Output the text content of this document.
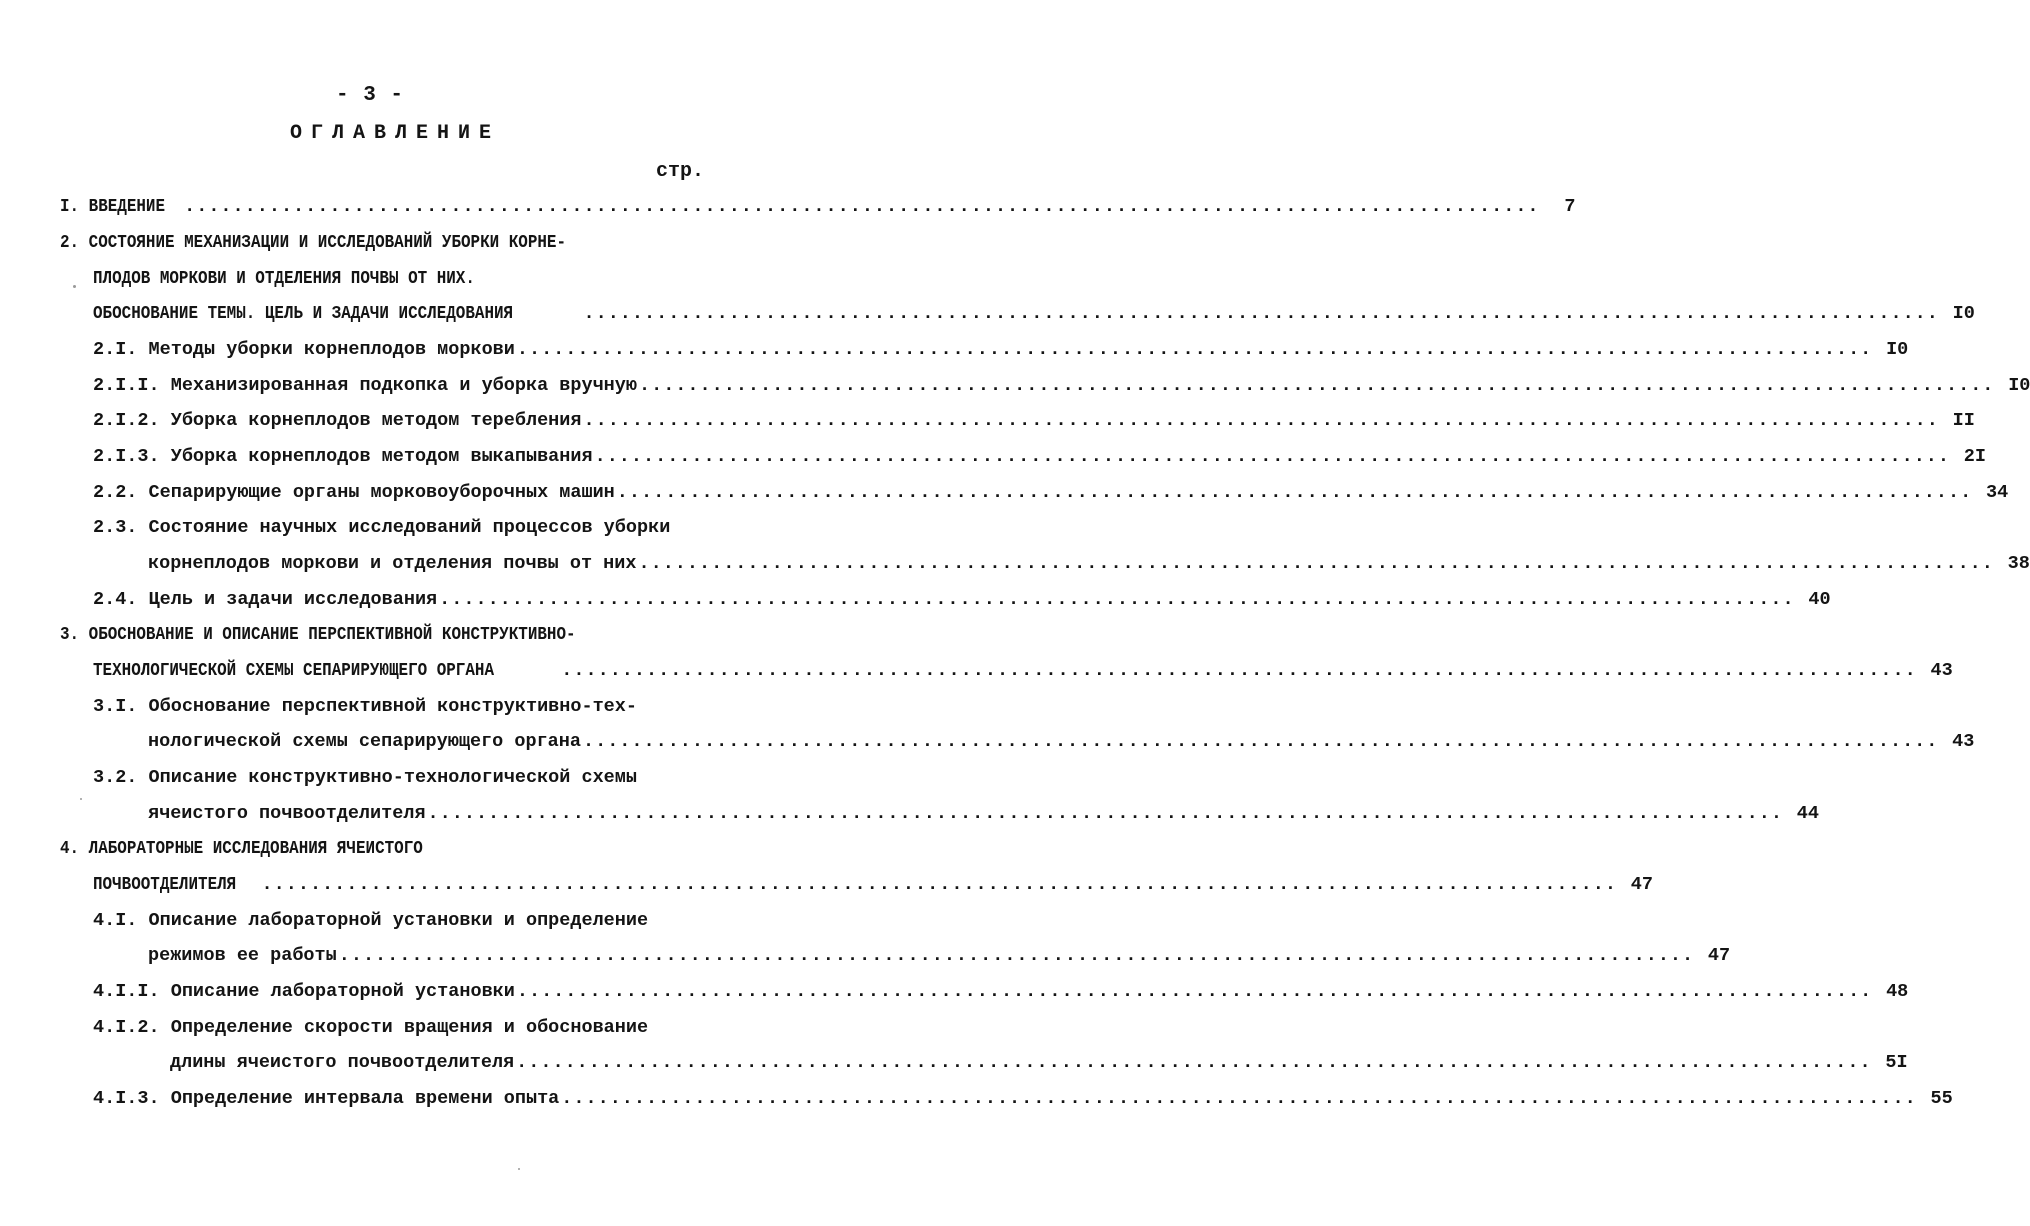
- 3 -
ОГЛАВЛЕНИЕ
стр.
I. ВВЕДЕНИЕ ................................................................................................................	7
2. СОСТОЯНИЕ МЕХАНИЗАЦИИ И ИССЛЕДОВАНИЙ УБОРКИ КОРНЕ-
ПЛОДОВ МОРКОВИ И ОТДЕЛЕНИЯ ПОЧВЫ ОТ НИХ.
ОБОСНОВАНИЕ ТЕМЫ. ЦЕЛЬ И ЗАДАЧИ ИССЛЕДОВАНИЯ	................................................................................................................ I0
2.I. Методы уборки корнеплодов моркови ................................................................................................................ I0
2.I.I. Механизированная подкопка и уборка вручную ................................................................................................................ I0
2.I.2. Уборка корнеплодов методом теребления ................................................................................................................ II
2.I.3. Уборка корнеплодов методом выкапывания ................................................................................................................ 2I
2.2. Сепарирующие органы морковоуборочных машин ................................................................................................................ 34
2.3. Состояние научных исследований процессов уборки
корнеплодов моркови и отделения почвы от них ................................................................................................................ 38
2.4. Цель и задачи исследования ................................................................................................................ 40
3. ОБОСНОВАНИЕ И ОПИСАНИЕ ПЕРСПЕКТИВНОЙ КОНСТРУКТИВНО-
ТЕХНОЛОГИЧЕСКОЙ СХЕМЫ СЕПАРИРУЮЩЕГО ОРГАНА	................................................................................................................ 43
3.I. Обоснование перспективной конструктивно-тех-
нологической схемы сепарирующего органа ................................................................................................................ 43
3.2. Описание конструктивно-технологической схемы
ячеистого почвоотделителя ................................................................................................................ 44
4. ЛАБОРАТОРНЫЕ ИССЛЕДОВАНИЯ ЯЧЕИСТОГО
ПОЧВООТДЕЛИТЕЛЯ ................................................................................................................ 47
4.I. Описание лабораторной установки и определение
режимов ее работы ................................................................................................................ 47
4.I.I. Описание лабораторной установки ................................................................................................................ 48
4.I.2. Определение скорости вращения и обоснование
длины ячеистого почвоотделителя ................................................................................................................ 5I
4.I.3. Определение интервала времени опыта ................................................................................................................ 55
